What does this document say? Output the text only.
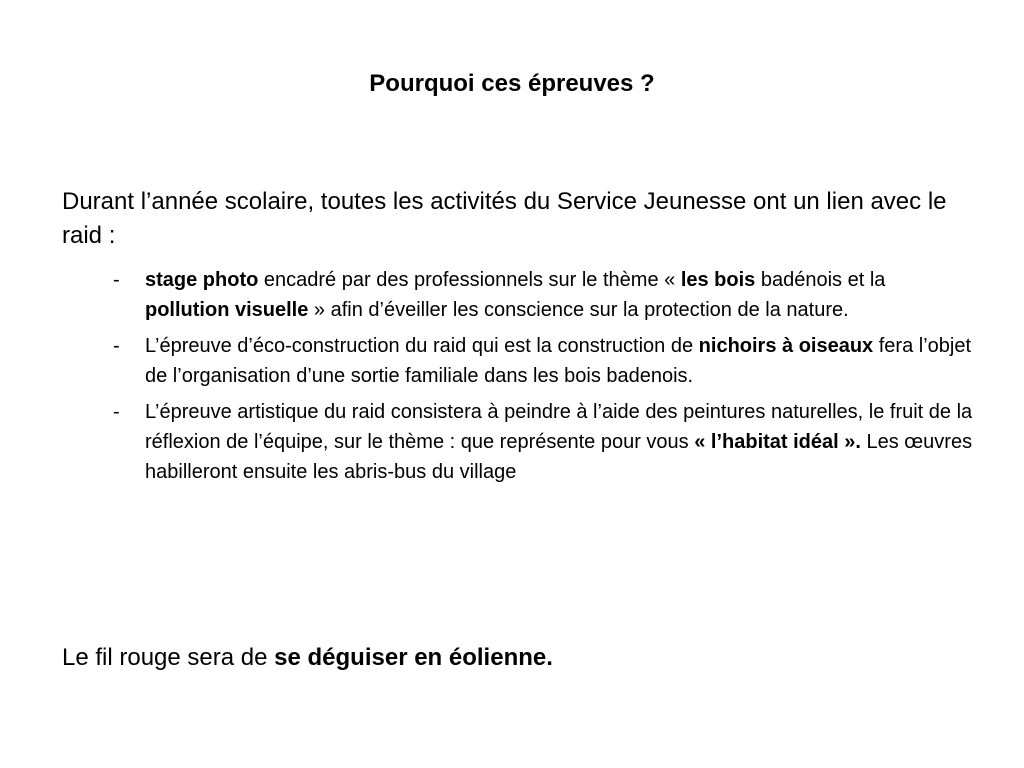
Pourquoi ces épreuves ?
Durant l’année scolaire, toutes les activités du Service Jeunesse ont un lien avec le raid :
- stage photo encadré par des professionnels sur le thème « les bois badénois et la pollution visuelle » afin d’éveiller les conscience sur la protection de la nature.
- L’épreuve d’éco-construction du raid qui est la construction de nichoirs à oiseaux fera l’objet de l’organisation d’une sortie familiale dans les bois badenois.
- L’épreuve artistique du raid consistera à peindre à l’aide des peintures naturelles, le fruit de la réflexion de l’équipe, sur le thème : que représente pour vous « l’habitat idéal ». Les œuvres habilleront ensuite les abris-bus du village
Le fil rouge sera de se déguiser en éolienne.
